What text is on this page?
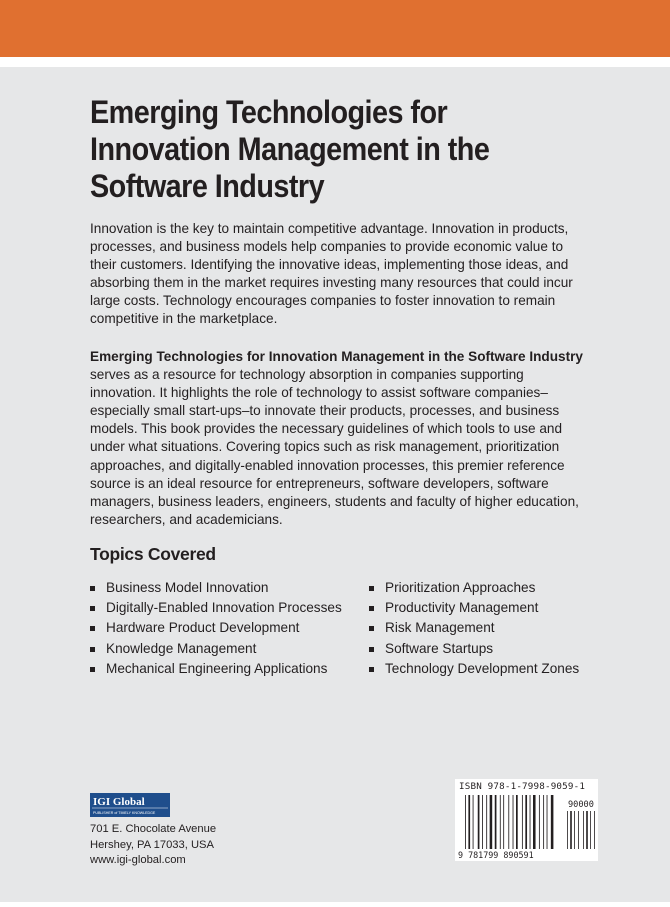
Emerging Technologies for Innovation Management in the Software Industry

Innovation is the key to maintain competitive advantage. Innovation in products, processes, and business models help companies to provide economic value to their customers. Identifying the innovative ideas, implementing those ideas, and absorbing them in the market requires investing many resources that could incur large costs. Technology encourages companies to foster innovation to remain competitive in the marketplace.

Emerging Technologies for Innovation Management in the Software Industry serves as a resource for technology absorption in companies supporting innovation. It highlights the role of technology to assist software companies–especially small start-ups–to innovate their products, processes, and business models. This book provides the necessary guidelines of which tools to use and under what situations. Covering topics such as risk management, prioritization approaches, and digitally-enabled innovation processes, this premier reference source is an ideal resource for entrepreneurs, software developers, software managers, business leaders, engineers, students and faculty of higher education, researchers, and academicians.

Topics Covered
Business Model Innovation
Digitally-Enabled Innovation Processes
Hardware Product Development
Knowledge Management
Mechanical Engineering Applications
Prioritization Approaches
Productivity Management
Risk Management
Software Startups
Technology Development Zones
IGI Global
PUBLISHER of TIMELY KNOWLEDGE
701 E. Chocolate Avenue
Hershey, PA 17033, USA
www.igi-global.com
ISBN 978-1-7998-9059-1
90000
9 781799 890591
